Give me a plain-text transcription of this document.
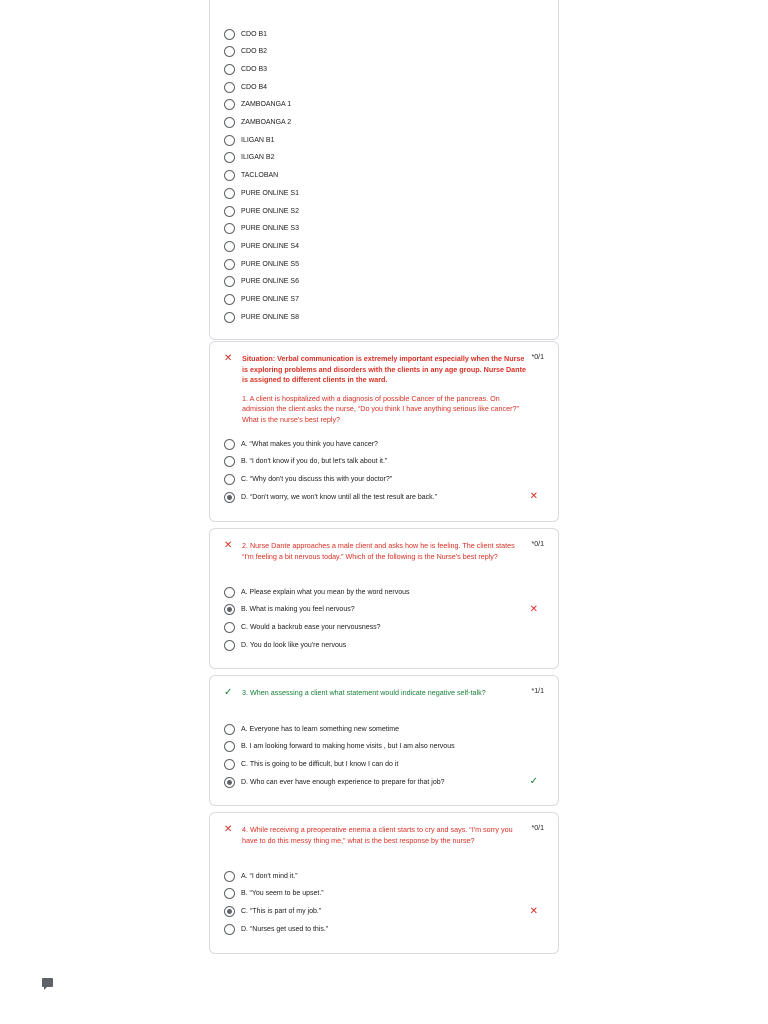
CDO B1
CDO B2
CDO B3
CDO B4
ZAMBOANGA 1
ZAMBOANGA 2
ILIGAN B1
ILIGAN B2
TACLOBAN
PURE ONLINE S1
PURE ONLINE S2
PURE ONLINE S3
PURE ONLINE S4
PURE ONLINE S5
PURE ONLINE S6
PURE ONLINE S7
PURE ONLINE S8
✕ Situation: Verbal communication is extremely important especially when the Nurse is exploring problems and disorders with the clients in any age group. Nurse Dante is assigned to different clients in the ward.
1. A client is hospitalized with a diagnosis of possible Cancer of the pancreas. On admission the client asks the nurse, “Do you think I have anything serious like cancer?” What is the nurse's best reply?
*0/1
A. “What makes you think you have cancer?
B. “I don't know if you do, but let's talk about it.”
C. “Why don't you discuss this with your doctor?”
D. “Don't worry, we won't know until all the test result are back.”	✕
✕ 2. Nurse Dante approaches a male client and asks how he is feeling. The client states “I'm feeling a bit nervous today.” Which of the following is the Nurse's best reply?
*0/1
A. Please explain what you mean by the word nervous
B. What is making you feel nervous?	✕
C. Would a backrub ease your nervousness?
D. You do look like you're nervous
✓ 3. When assessing a client what statement would indicate negative self-talk?	*1/1
A. Everyone has to learn something new sometime
B. I am looking forward to making home visits , but I am also nervous
C. This is going to be difficult, but I know I can do it
D. Who can ever have enough experience to prepare for that job?	✓
✕ 4. While receiving a preoperative enema a client starts to cry and says. “I'm sorry you have to do this messy thing me,” what is the best response by the nurse?
*0/1
A. “I don't mind it.”
B. “You seem to be upset.”
C. “This is part of my job.”	✕
D. “Nurses get used to this.”
